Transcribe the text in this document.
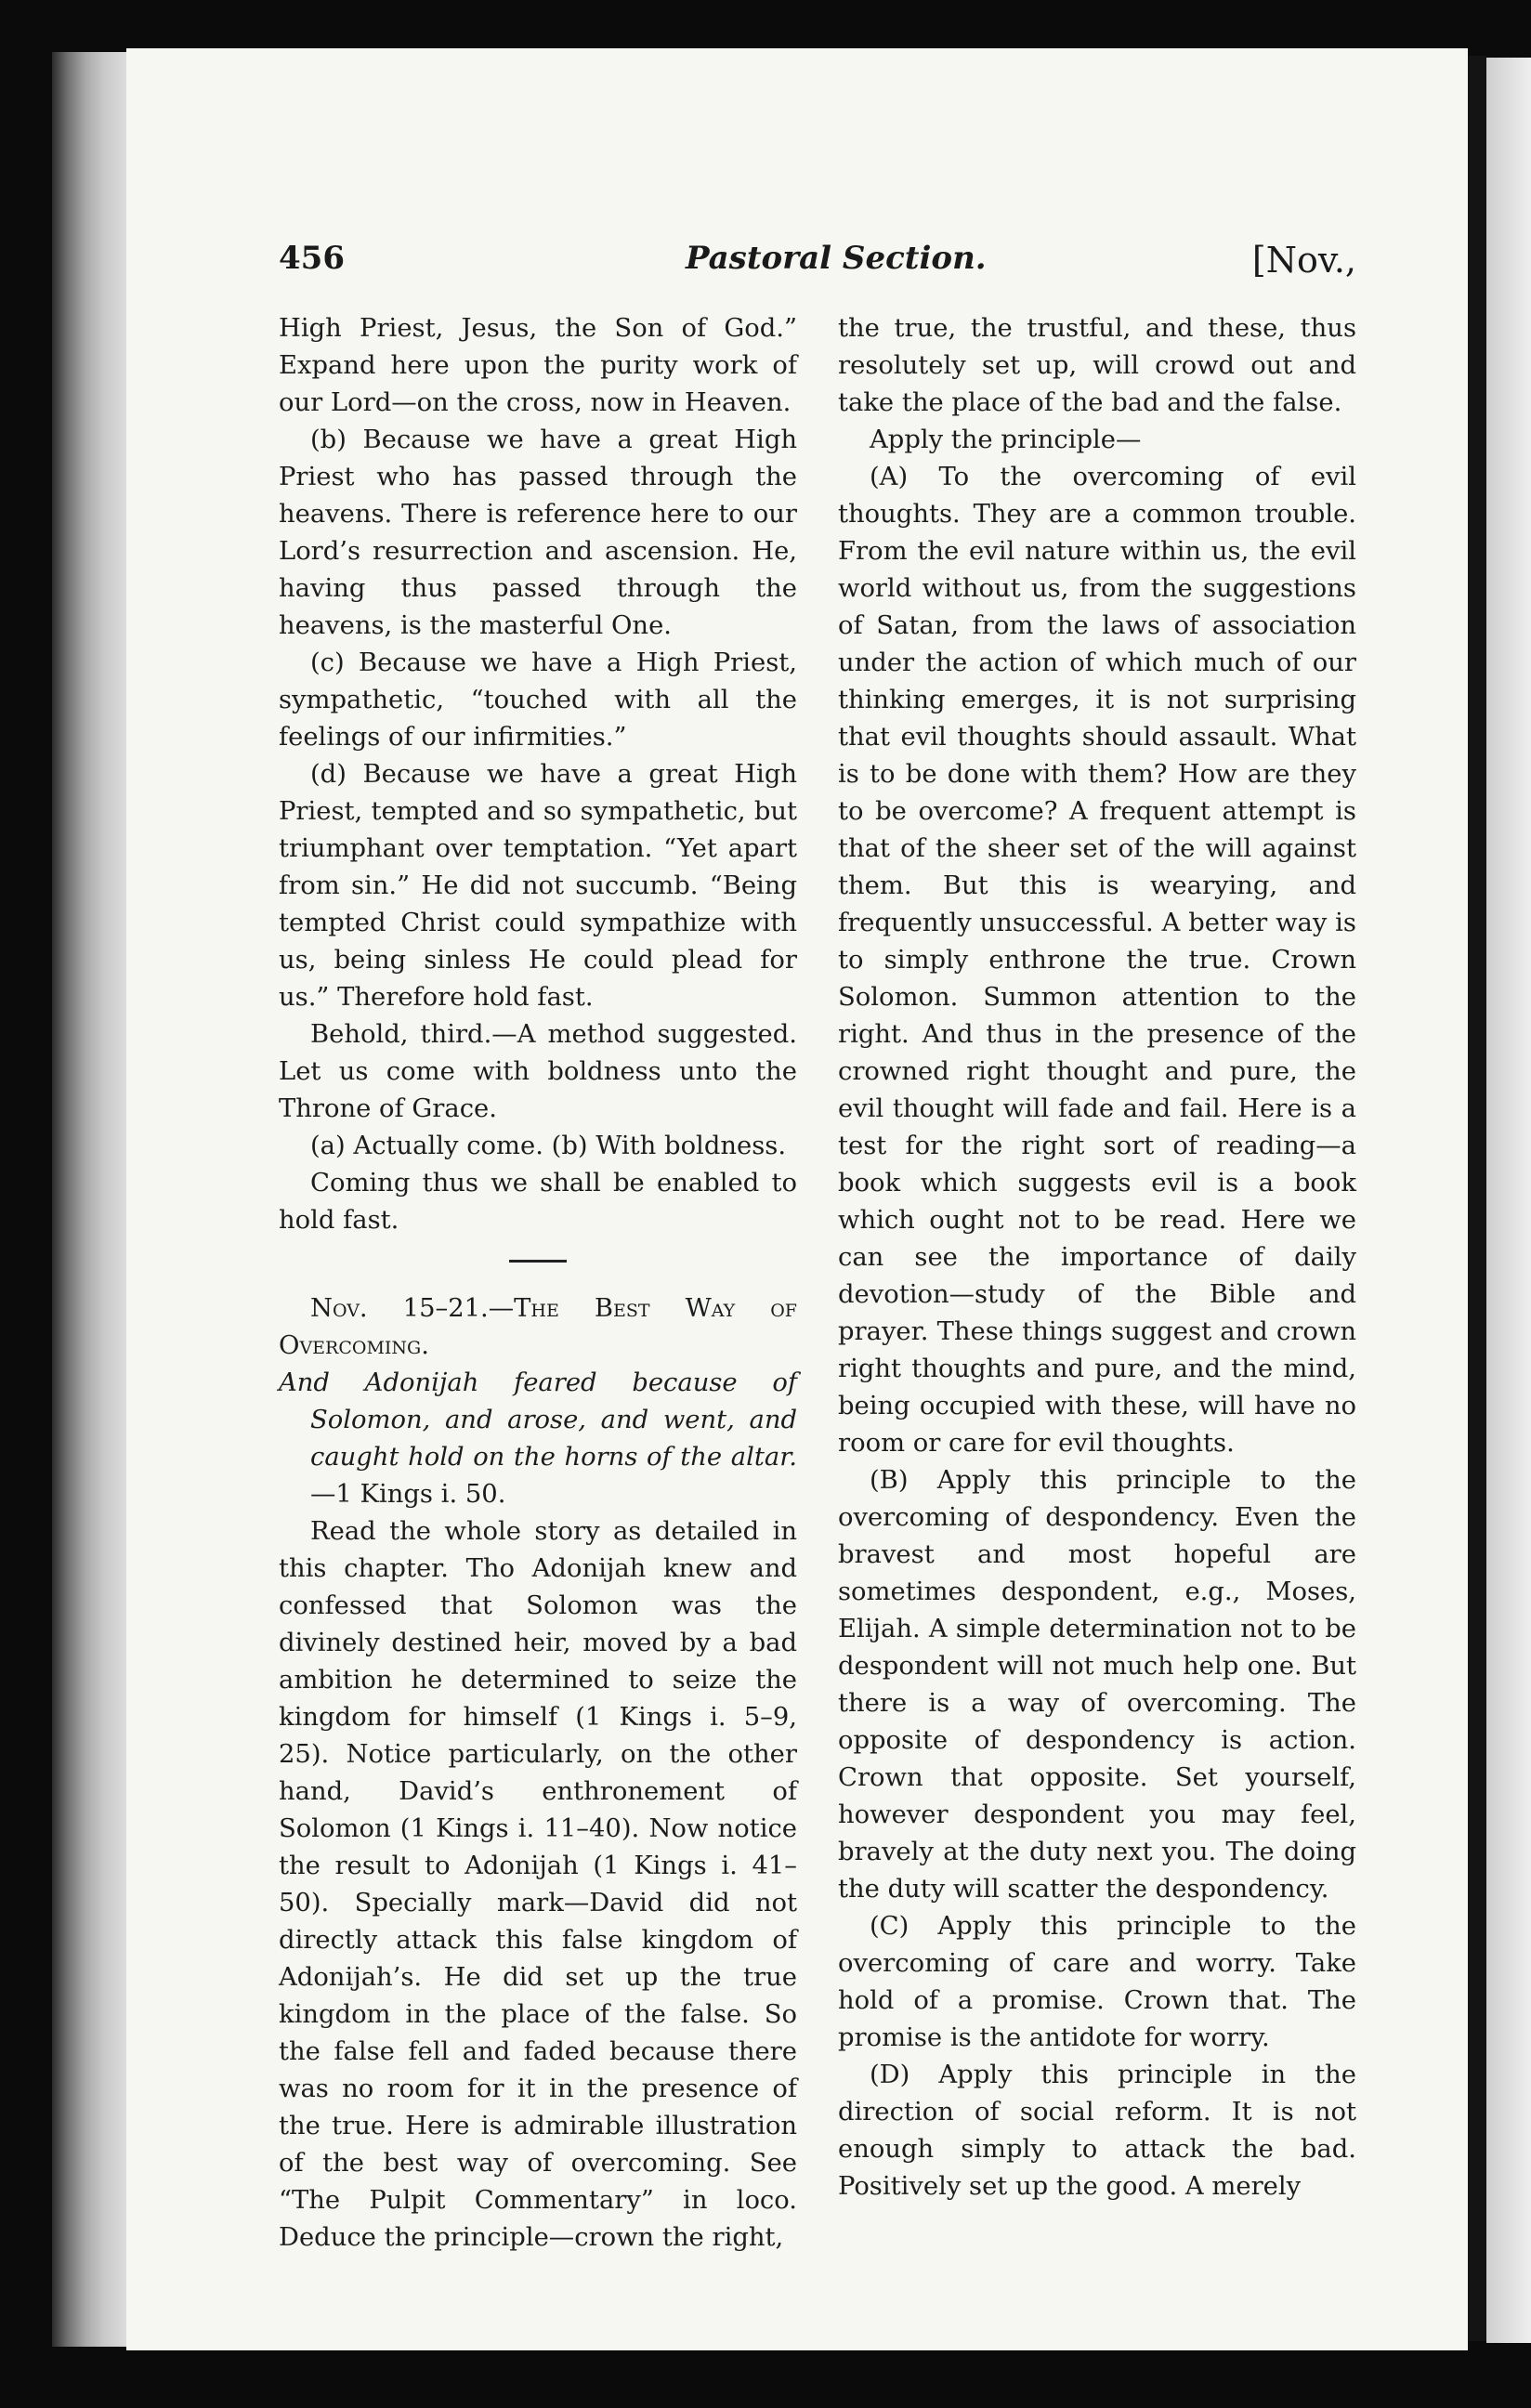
456	Pastoral Section.	[Nov.,

High Priest, Jesus, the Son of God.” Expand here upon the purity work of our Lord—on the cross, now in Heaven.

(b) Because we have a great High Priest who has passed through the heavens. There is reference here to our Lord’s resurrection and ascension. He, having thus passed through the heavens, is the masterful One.

(c) Because we have a High Priest, sympathetic, “touched with all the feelings of our infirmities.”

(d) Because we have a great High Priest, tempted and so sympathetic, but triumphant over temptation. “Yet apart from sin.” He did not succumb. “Being tempted Christ could sympathize with us, being sinless He could plead for us.” Therefore hold fast.

Behold, third.—A method suggested. Let us come with boldness unto the Throne of Grace.

(a) Actually come. (b) With boldness.

Coming thus we shall be enabled to hold fast.

Nov. 15–21.—The Best Way of Overcoming.

And Adonijah feared because of Solomon, and arose, and went, and caught hold on the horns of the altar.—1 Kings i. 50.

Read the whole story as detailed in this chapter. Tho Adonijah knew and confessed that Solomon was the divinely destined heir, moved by a bad ambition he determined to seize the kingdom for himself (1 Kings i. 5–9, 25). Notice particularly, on the other hand, David’s enthronement of Solomon (1 Kings i. 11–40). Now notice the result to Adonijah (1 Kings i. 41–50). Specially mark—David did not directly attack this false kingdom of Adonijah’s. He did set up the true kingdom in the place of the false. So the false fell and faded because there was no room for it in the presence of the true. Here is admirable illustration of the best way of overcoming. See “The Pulpit Commentary” in loco. Deduce the principle—crown the right,

the true, the trustful, and these, thus resolutely set up, will crowd out and take the place of the bad and the false.

Apply the principle—

(A) To the overcoming of evil thoughts. They are a common trouble. From the evil nature within us, the evil world without us, from the suggestions of Satan, from the laws of association under the action of which much of our thinking emerges, it is not surprising that evil thoughts should assault. What is to be done with them? How are they to be overcome? A frequent attempt is that of the sheer set of the will against them. But this is wearying, and frequently unsuccessful. A better way is to simply enthrone the true. Crown Solomon. Summon attention to the right. And thus in the presence of the crowned right thought and pure, the evil thought will fade and fail. Here is a test for the right sort of reading—a book which suggests evil is a book which ought not to be read. Here we can see the importance of daily devotion—study of the Bible and prayer. These things suggest and crown right thoughts and pure, and the mind, being occupied with these, will have no room or care for evil thoughts.

(B) Apply this principle to the overcoming of despondency. Even the bravest and most hopeful are sometimes despondent, e.g., Moses, Elijah. A simple determination not to be despondent will not much help one. But there is a way of overcoming. The opposite of despondency is action. Crown that opposite. Set yourself, however despondent you may feel, bravely at the duty next you. The doing the duty will scatter the despondency.

(C) Apply this principle to the overcoming of care and worry. Take hold of a promise. Crown that. The promise is the antidote for worry.

(D) Apply this principle in the direction of social reform. It is not enough simply to attack the bad. Positively set up the good. A merely
